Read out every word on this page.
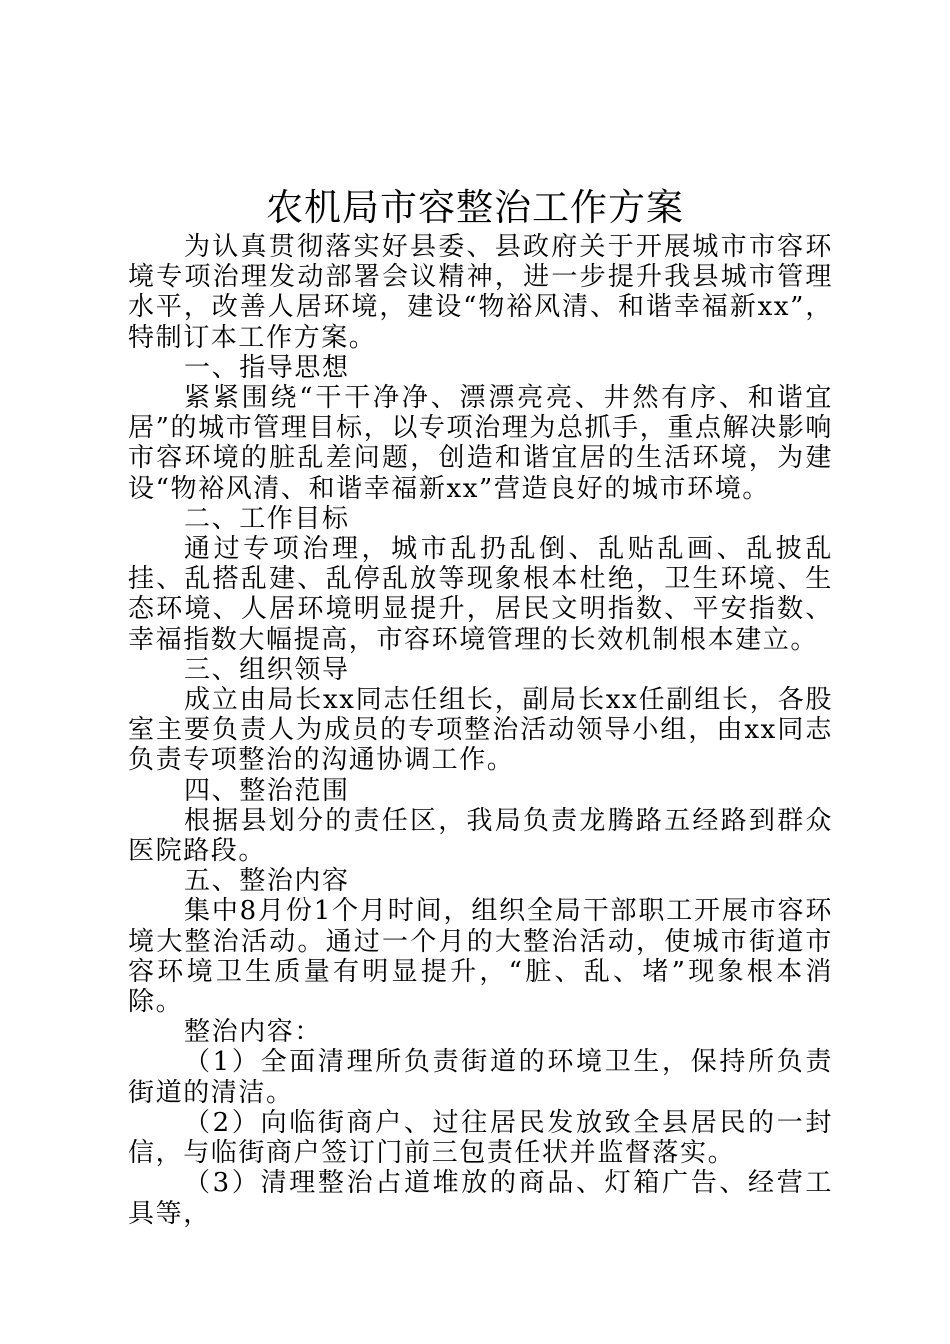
农机局市容整治工作方案

为认真贯彻落实好县委、县政府关于开展城市市容环境专项治理发动部署会议精神，进一步提升我县城市管理水平，改善人居环境，建设“物裕风清、和谐幸福新xx”，特制订本工作方案。

一、指导思想

紧紧围绕“干干净净、漂漂亮亮、井然有序、和谐宜居”的城市管理目标，以专项治理为总抓手，重点解决影响市容环境的脏乱差问题，创造和谐宜居的生活环境，为建设“物裕风清、和谐幸福新xx”营造良好的城市环境。

二、工作目标

通过专项治理，城市乱扔乱倒、乱贴乱画、乱披乱挂、乱搭乱建、乱停乱放等现象根本杜绝，卫生环境、生态环境、人居环境明显提升，居民文明指数、平安指数、幸福指数大幅提高，市容环境管理的长效机制根本建立。

三、组织领导

成立由局长xx同志任组长，副局长xx任副组长，各股室主要负责人为成员的专项整治活动领导小组，由xx同志负责专项整治的沟通协调工作。

四、整治范围

根据县划分的责任区，我局负责龙腾路五经路到群众医院路段。

五、整治内容

集中8月份1个月时间，组织全局干部职工开展市容环境大整治活动。通过一个月的大整治活动，使城市街道市容环境卫生质量有明显提升，“脏、乱、堵”现象根本消除。

整治内容：

（1）全面清理所负责街道的环境卫生，保持所负责街道的清洁。

（2）向临街商户、过往居民发放致全县居民的一封信，与临街商户签订门前三包责任状并监督落实。

（3）清理整治占道堆放的商品、灯箱广告、经营工具等，
